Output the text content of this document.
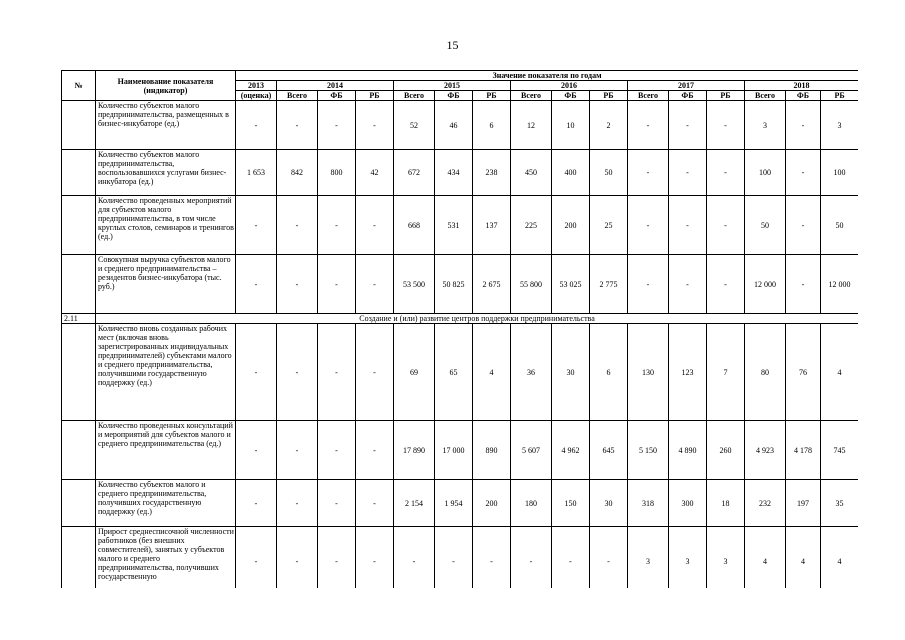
15
№	Наименование показателя (индикатор)	Значение показателя по годам															
		2013	2014			2015			2016			2017			2018		
		(оценка)	Всего	ФБ	РБ	Всего	ФБ	РБ	Всего	ФБ	РБ	Всего	ФБ	РБ	Всего	ФБ	РБ
	Количество субъектов малого предпринимательства, размещенных в бизнес-инкубаторе (ед.)	-	-	-	-	52	46	6	12	10	2	-	-	-	3	-	3
	Количество субъектов малого предпринимательства, воспользовавшихся услугами бизнес-инкубатора (ед.)	1 653	842	800	42	672	434	238	450	400	50	-	-	-	100	-	100
	Количество проведенных мероприятий для субъектов малого предпринимательства, в том числе круглых столов, семинаров и тренингов (ед.)	-	-	-	-	668	531	137	225	200	25	-	-	-	50	-	50
	Совокупная выручка субъектов малого и среднего предпринимательства – резидентов бизнес-инкубатора (тыс. руб.)	-	-	-	-	53 500	50 825	2 675	55 800	53 025	2 775	-	-	-	12 000	-	12 000
2.11	Создание и (или) развитие центров поддержки предпринимательства																
	Количество вновь созданных рабочих мест (включая вновь зарегистрированных индивидуальных предпринимателей) субъектами малого и среднего предпринимательства, получившими государственную поддержку (ед.)	-	-	-	-	69	65	4	36	30	6	130	123	7	80	76	4
	Количество проведенных консультаций и мероприятий для субъектов малого и среднего предпринимательства (ед.)	-	-	-	-	17 890	17 000	890	5 607	4 962	645	5 150	4 890	260	4 923	4 178	745
	Количество субъектов малого и среднего предпринимательства, получивших государственную поддержку (ед.)	-	-	-	-	2 154	1 954	200	180	150	30	318	300	18	232	197	35
	Прирост среднесписочной численности работников (без внешних совместителей), занятых у субъектов малого и среднего предпринимательства, получивших государственную	-	-	-	-	-	-	-	-	-	-	3	3	3	4	4	4
